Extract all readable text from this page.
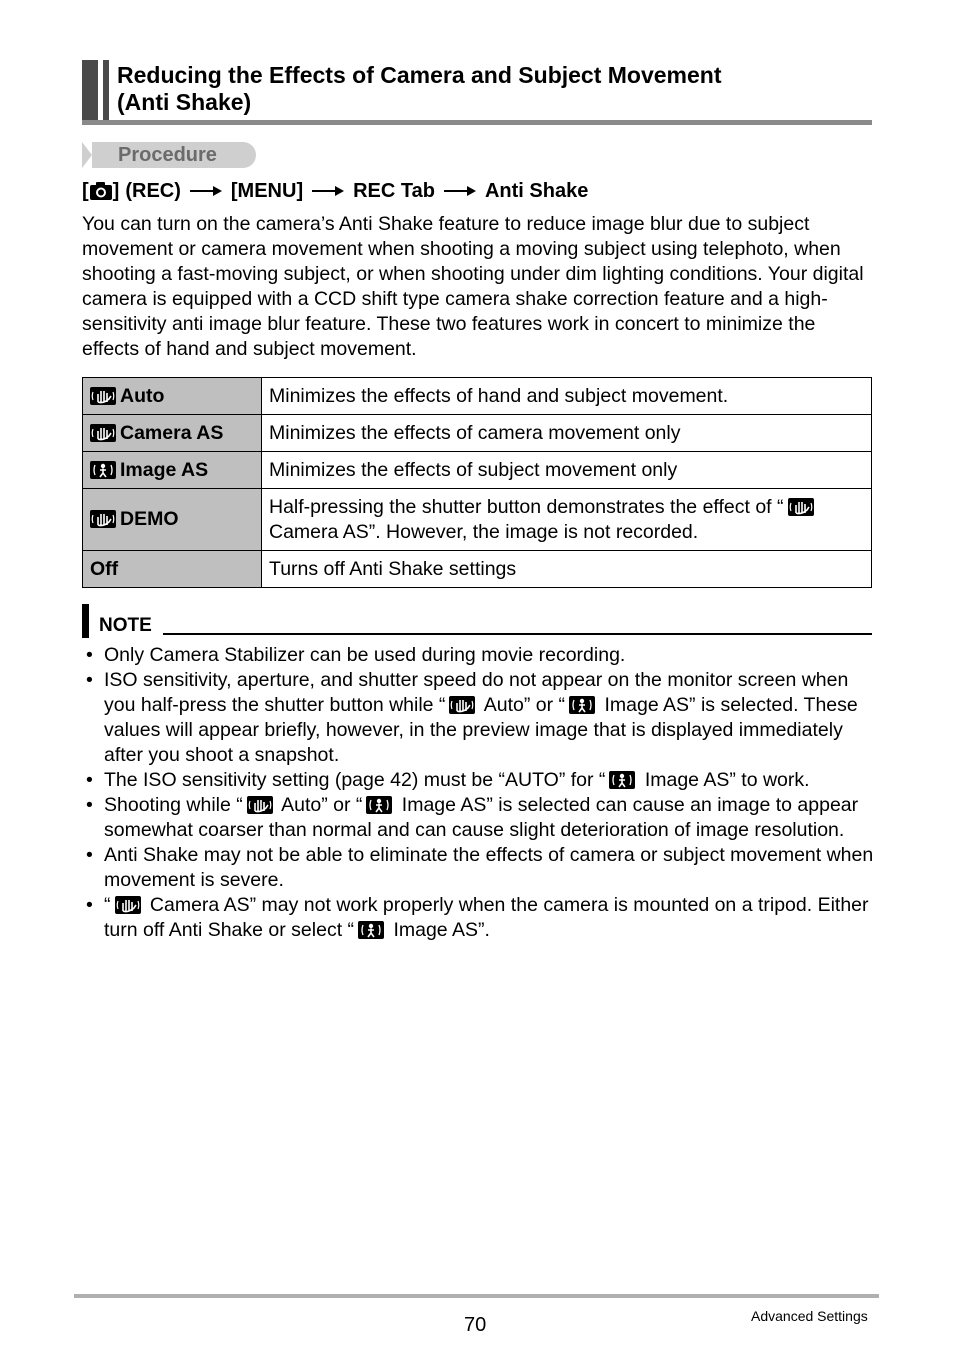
Reducing the Effects of Camera and Subject Movement
(Anti Shake)
Procedure
[ ] (REC)	[MENU]	REC Tab	Anti Shake

You can turn on the camera’s Anti Shake feature to reduce image blur due to subject movement or camera movement when shooting a moving subject using telephoto, when shooting a fast-moving subject, or when shooting under dim lighting conditions. Your digital camera is equipped with a CCD shift type camera shake correction feature and a high-sensitivity anti image blur feature. These two features work in concert to minimize the effects of hand and subject movement.

Auto	Minimizes the effects of hand and subject movement.
Camera AS	Minimizes the effects of camera movement only
Image AS	Minimizes the effects of subject movement only
DEMO	Half-pressing the shutter button demonstrates the effect of “ Camera AS”. However, the image is not recorded.
Off	Turns off Anti Shake settings
NOTE
• Only Camera Stabilizer can be used during movie recording.
• ISO sensitivity, aperture, and shutter speed do not appear on the monitor screen when you half-press the shutter button while “ Auto” or “ Image AS” is selected. These values will appear briefly, however, in the preview image that is displayed immediately after you shoot a snapshot.
• The ISO sensitivity setting (page 42) must be “AUTO” for “ Image AS” to work.
• Shooting while “ Auto” or “ Image AS” is selected can cause an image to appear somewhat coarser than normal and can cause slight deterioration of image resolution.
• Anti Shake may not be able to eliminate the effects of camera or subject movement when movement is severe.
• “ Camera AS” may not work properly when the camera is mounted on a tripod. Either turn off Anti Shake or select “ Image AS”.
70	Advanced Settings
